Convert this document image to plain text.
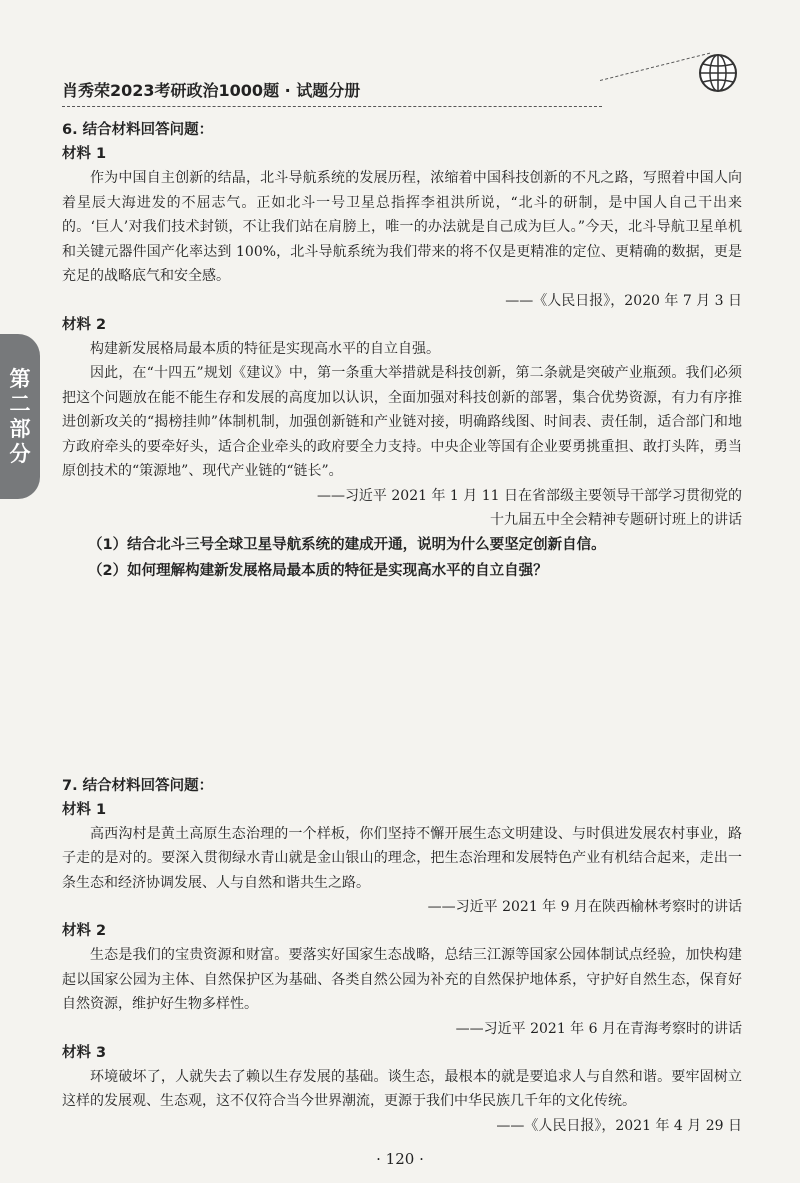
肖秀荣2023考研政治1000题 · 试题分册
第
二
部
分

6. 结合材料回答问题：

材料 1

作为中国自主创新的结晶，北斗导航系统的发展历程，浓缩着中国科技创新的不凡之路，写照着中国人向着星辰大海进发的不屈志气。正如北斗一号卫星总指挥李祖洪所说，“北斗的研制，是中国人自己干出来的。‘巨人’对我们技术封锁，不让我们站在肩膀上，唯一的办法就是自己成为巨人。”今天，北斗导航卫星单机和关键元器件国产化率达到 100%，北斗导航系统为我们带来的将不仅是更精准的定位、更精确的数据，更是充足的战略底气和安全感。

——《人民日报》，2020 年 7 月 3 日

材料 2

构建新发展格局最本质的特征是实现高水平的自立自强。

因此，在“十四五”规划《建议》中，第一条重大举措就是科技创新，第二条就是突破产业瓶颈。我们必须把这个问题放在能不能生存和发展的高度加以认识，全面加强对科技创新的部署，集合优势资源，有力有序推进创新攻关的“揭榜挂帅”体制机制，加强创新链和产业链对接，明确路线图、时间表、责任制，适合部门和地方政府牵头的要牵好头，适合企业牵头的政府要全力支持。中央企业等国有企业要勇挑重担、敢打头阵，勇当原创技术的“策源地”、现代产业链的“链长”。

——习近平 2021 年 1 月 11 日在省部级主要领导干部学习贯彻党的

十九届五中全会精神专题研讨班上的讲话

（1）结合北斗三号全球卫星导航系统的建成开通，说明为什么要坚定创新自信。

（2）如何理解构建新发展格局最本质的特征是实现高水平的自立自强？

7. 结合材料回答问题：

材料 1

高西沟村是黄土高原生态治理的一个样板，你们坚持不懈开展生态文明建设、与时俱进发展农村事业，路子走的是对的。要深入贯彻绿水青山就是金山银山的理念，把生态治理和发展特色产业有机结合起来，走出一条生态和经济协调发展、人与自然和谐共生之路。

——习近平 2021 年 9 月在陕西榆林考察时的讲话

材料 2

生态是我们的宝贵资源和财富。要落实好国家生态战略，总结三江源等国家公园体制试点经验，加快构建起以国家公园为主体、自然保护区为基础、各类自然公园为补充的自然保护地体系，守护好自然生态，保育好自然资源，维护好生物多样性。

——习近平 2021 年 6 月在青海考察时的讲话

材料 3

环境破坏了，人就失去了赖以生存发展的基础。谈生态，最根本的就是要追求人与自然和谐。要牢固树立这样的发展观、生态观，这不仅符合当今世界潮流，更源于我们中华民族几千年的文化传统。

——《人民日报》，2021 年 4 月 29 日

· 120 ·
